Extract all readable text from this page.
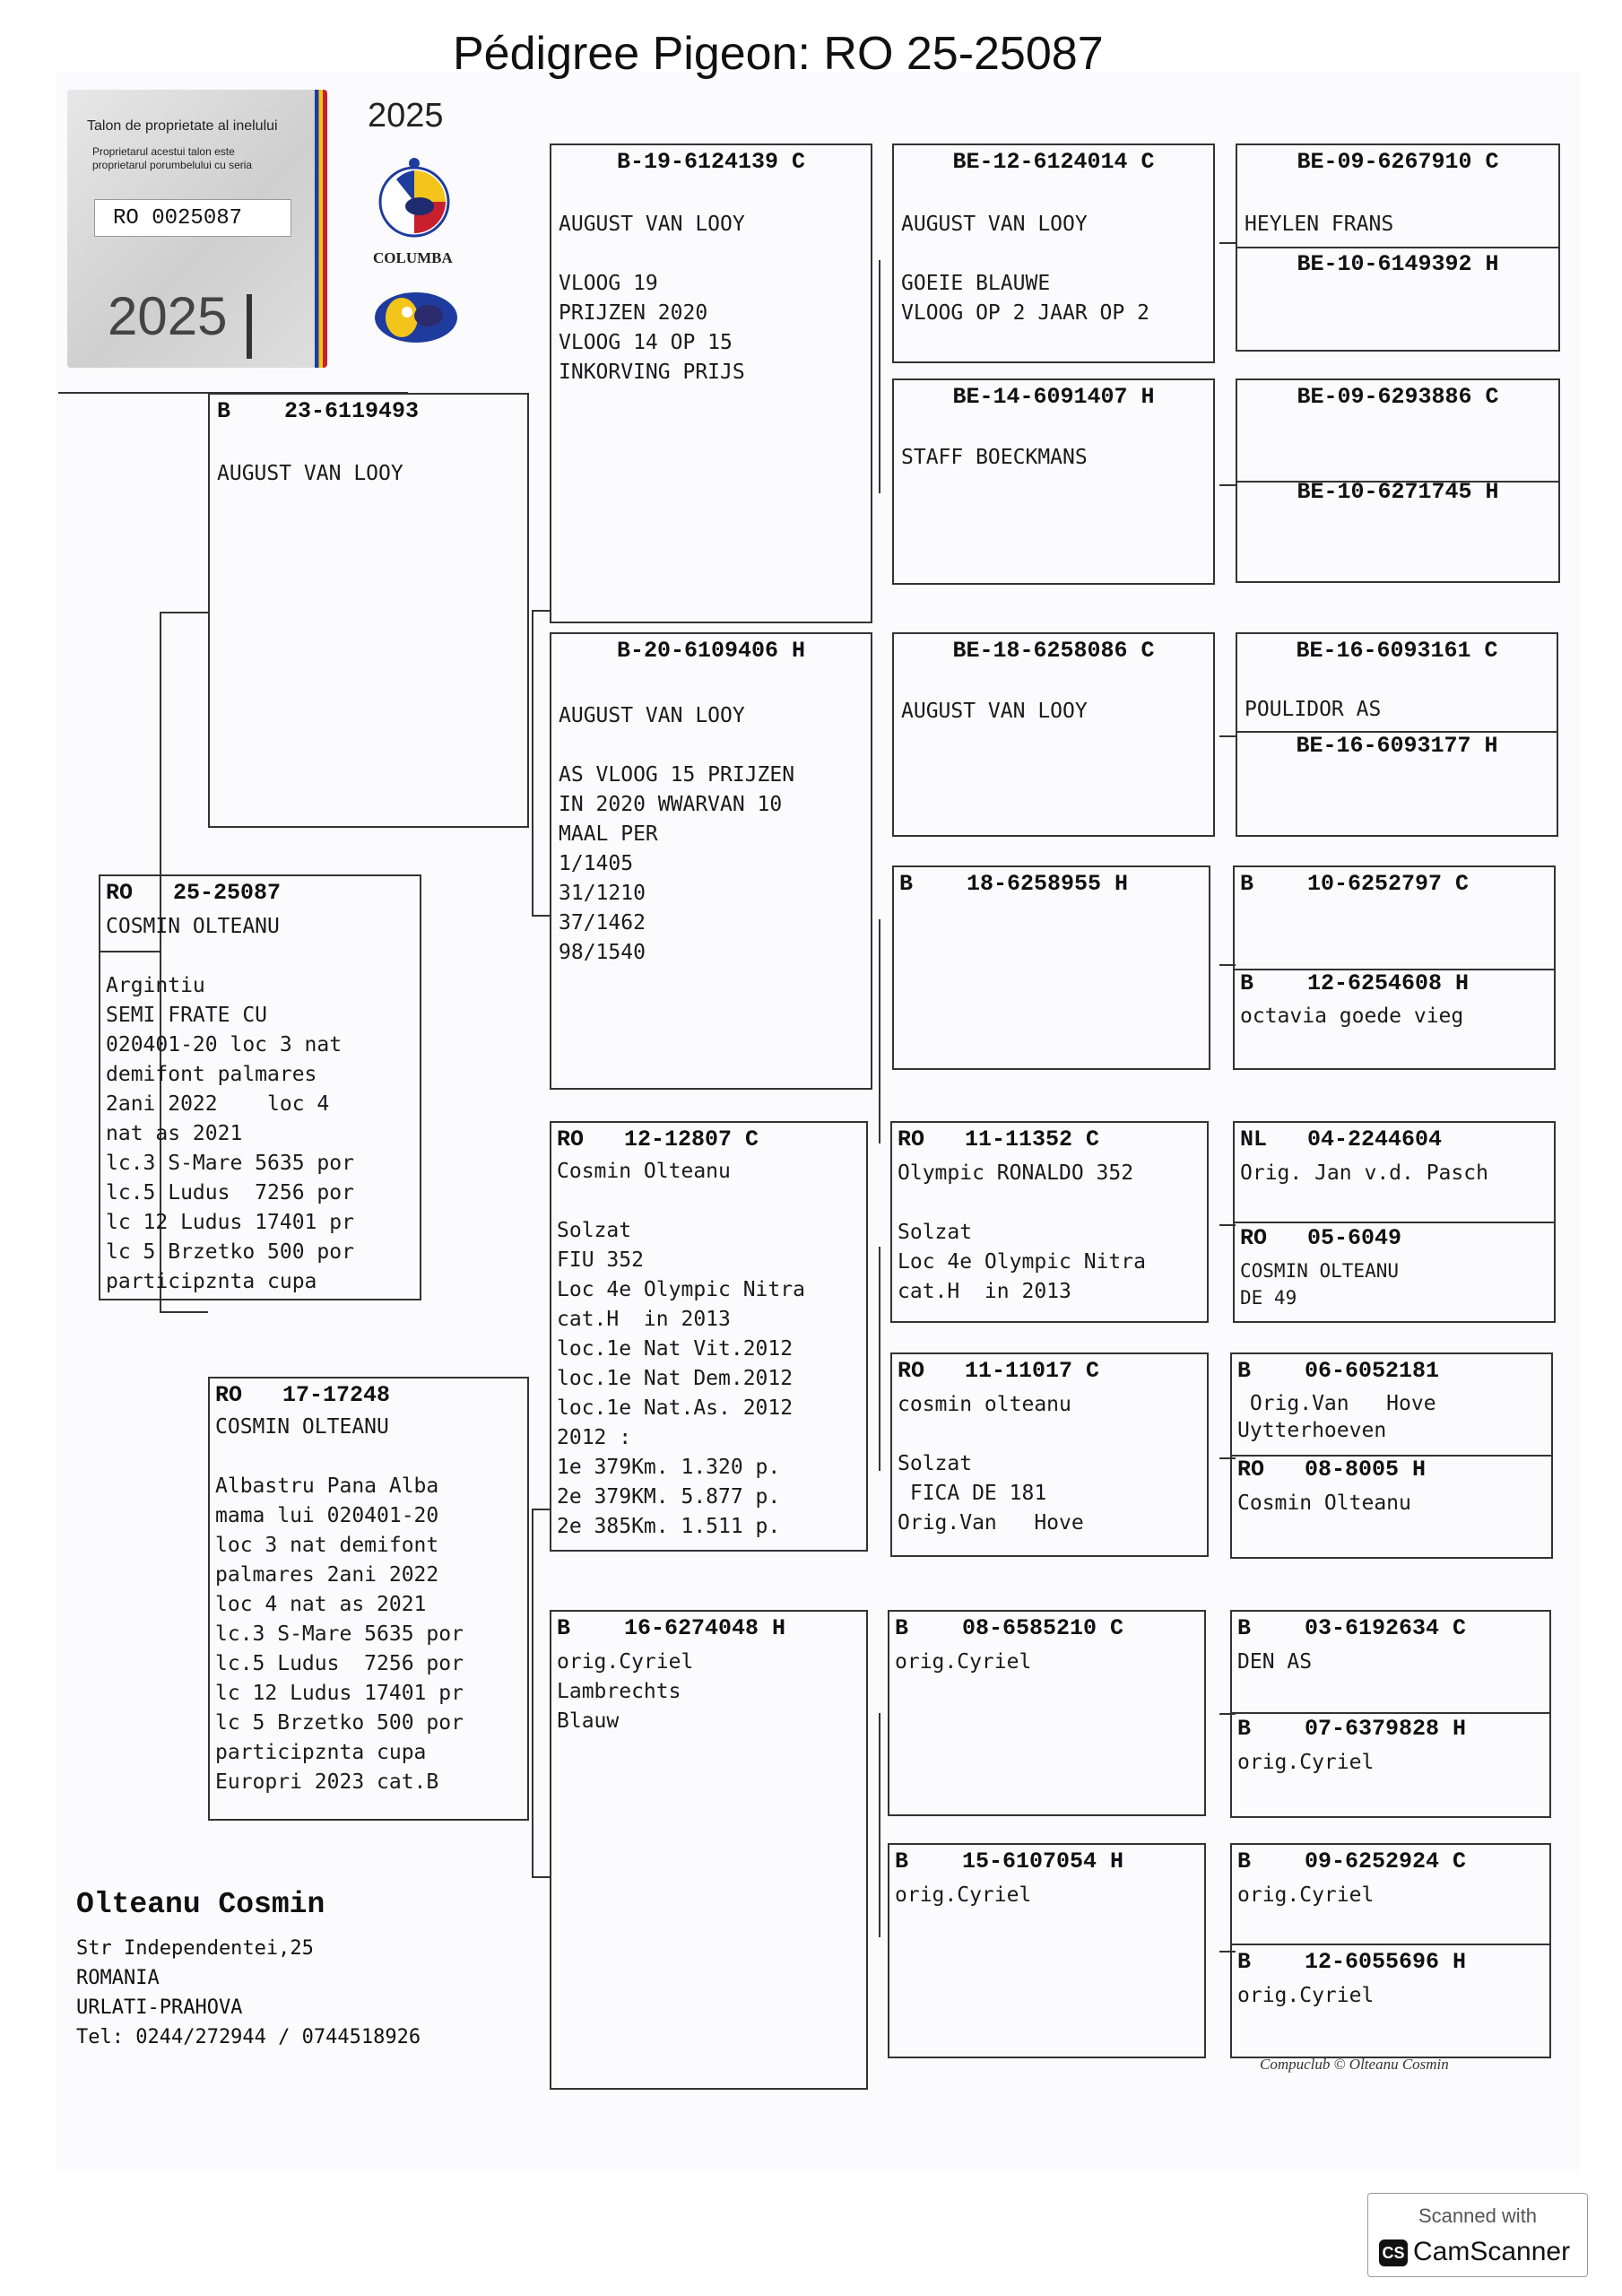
Pédigree Pigeon: RO 25-25087
Talon de proprietate al inelului
Proprietarul acestui talon este
proprietarul porumbelului cu seria
RO 0025087
2025
2025
COLUMBA
RO   25-25087
COSMIN OLTEANU

Argintiu
SEMI FRATE CU
020401-20 loc 3 nat
demifont palmares
2ani 2022    loc 4
nat as 2021
lc.3 S-Mare 5635 por
lc.5 Ludus  7256 por
lc 12 Ludus 17401 pr
lc 5 Brzetko 500 por
participznta cupa
B    23-6119493
AUGUST VAN LOOY
RO   17-17248
COSMIN OLTEANU

Albastru Pana Alba
mama lui 020401-20
loc 3 nat demifont
palmares 2ani 2022
loc 4 nat as 2021
lc.3 S-Mare 5635 por
lc.5 Ludus  7256 por
lc 12 Ludus 17401 pr
lc 5 Brzetko 500 por
participznta cupa
Europri 2023 cat.B
B-19-6124139 C
AUGUST VAN LOOY

VLOOG 19
PRIJZEN 2020
VLOOG 14 OP 15
INKORVING PRIJS
B-20-6109406 H
AUGUST VAN LOOY

AS VLOOG 15 PRIJZEN
IN 2020 WWARVAN 10
MAAL PER
1/1405
31/1210
37/1462
98/1540
RO   12-12807 C
Cosmin Olteanu

Solzat
FIU 352
Loc 4e Olympic Nitra
cat.H  in 2013
loc.1e Nat Vit.2012
loc.1e Nat Dem.2012
loc.1e Nat.As. 2012
2012 :
1e 379Km. 1.320 p.
2e 379KM. 5.877 p.
2e 385Km. 1.511 p.
B    16-6274048 H
orig.Cyriel
Lambrechts
Blauw
BE-12-6124014 C
AUGUST VAN LOOY

GOEIE BLAUWE
VLOOG OP 2 JAAR OP 2
BE-14-6091407 H
STAFF BOECKMANS
BE-18-6258086 C
AUGUST VAN LOOY
B    18-6258955 H
RO   11-11352 C
Olympic RONALDO 352

Solzat
Loc 4e Olympic Nitra
cat.H  in 2013
RO   11-11017 C
cosmin olteanu

Solzat
FICA DE 181
Orig.Van   Hove
B    08-6585210 C
orig.Cyriel
B    15-6107054 H
orig.Cyriel
BE-09-6267910 C
HEYLEN FRANS
BE-10-6149392 H
BE-09-6293886 C
BE-10-6271745 H
BE-16-6093161 C
POULIDOR AS
BE-16-6093177 H
B    10-6252797 C
B    12-6254608 H
octavia goede vieg
NL   04-2244604
Orig. Jan v.d. Pasch
RO   05-6049
COSMIN OLTEANU
DE 49
B    06-6052181
Orig.Van   Hove
Uytterhoeven
RO   08-8005 H
Cosmin Olteanu
B    03-6192634 C
DEN AS
B    07-6379828 H
orig.Cyriel
B    09-6252924 C
orig.Cyriel
B    12-6055696 H
orig.Cyriel
Olteanu Cosmin
Str Independentei,25
ROMANIA
URLATI-PRAHOVA
Tel: 0244/272944 / 0744518926
Compuclub © Olteanu Cosmin
Scanned with
CS CamScanner
